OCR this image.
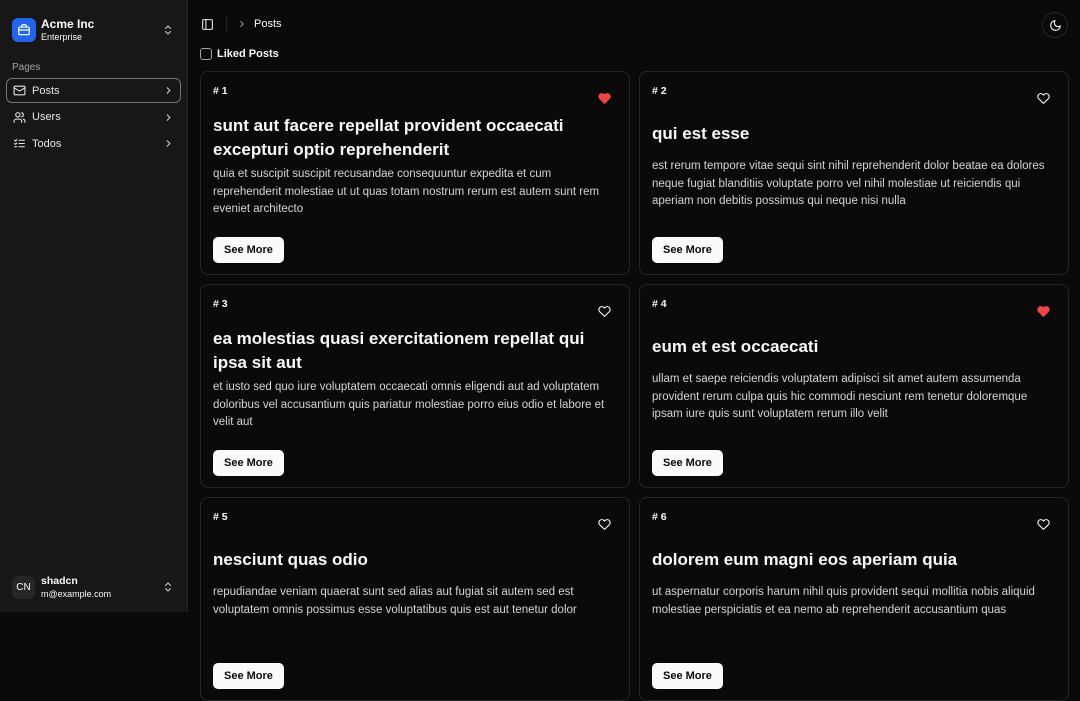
Acme Inc
Enterprise
Pages
Posts
Users
Todos
CN
shadcn
m@example.com
Posts
Liked Posts
# 1
sunt aut facere repellat provident occaecati excepturi optio reprehenderit
quia et suscipit suscipit recusandae consequuntur expedita et cum reprehenderit molestiae ut ut quas totam nostrum rerum est autem sunt rem eveniet architecto
See More
# 2
qui est esse
est rerum tempore vitae sequi sint nihil reprehenderit dolor beatae ea dolores neque fugiat blanditiis voluptate porro vel nihil molestiae ut reiciendis qui aperiam non debitis possimus qui neque nisi nulla
See More
# 3
ea molestias quasi exercitationem repellat qui ipsa sit aut
et iusto sed quo iure voluptatem occaecati omnis eligendi aut ad voluptatem doloribus vel accusantium quis pariatur molestiae porro eius odio et labore et velit aut
See More
# 4
eum et est occaecati
ullam et saepe reiciendis voluptatem adipisci sit amet autem assumenda provident rerum culpa quis hic commodi nesciunt rem tenetur doloremque ipsam iure quis sunt voluptatem rerum illo velit
See More
# 5
nesciunt quas odio
repudiandae veniam quaerat sunt sed alias aut fugiat sit autem sed est voluptatem omnis possimus esse voluptatibus quis est aut tenetur dolor
See More
# 6
dolorem eum magni eos aperiam quia
ut aspernatur corporis harum nihil quis provident sequi mollitia nobis aliquid molestiae perspiciatis et ea nemo ab reprehenderit accusantium quas
See More
